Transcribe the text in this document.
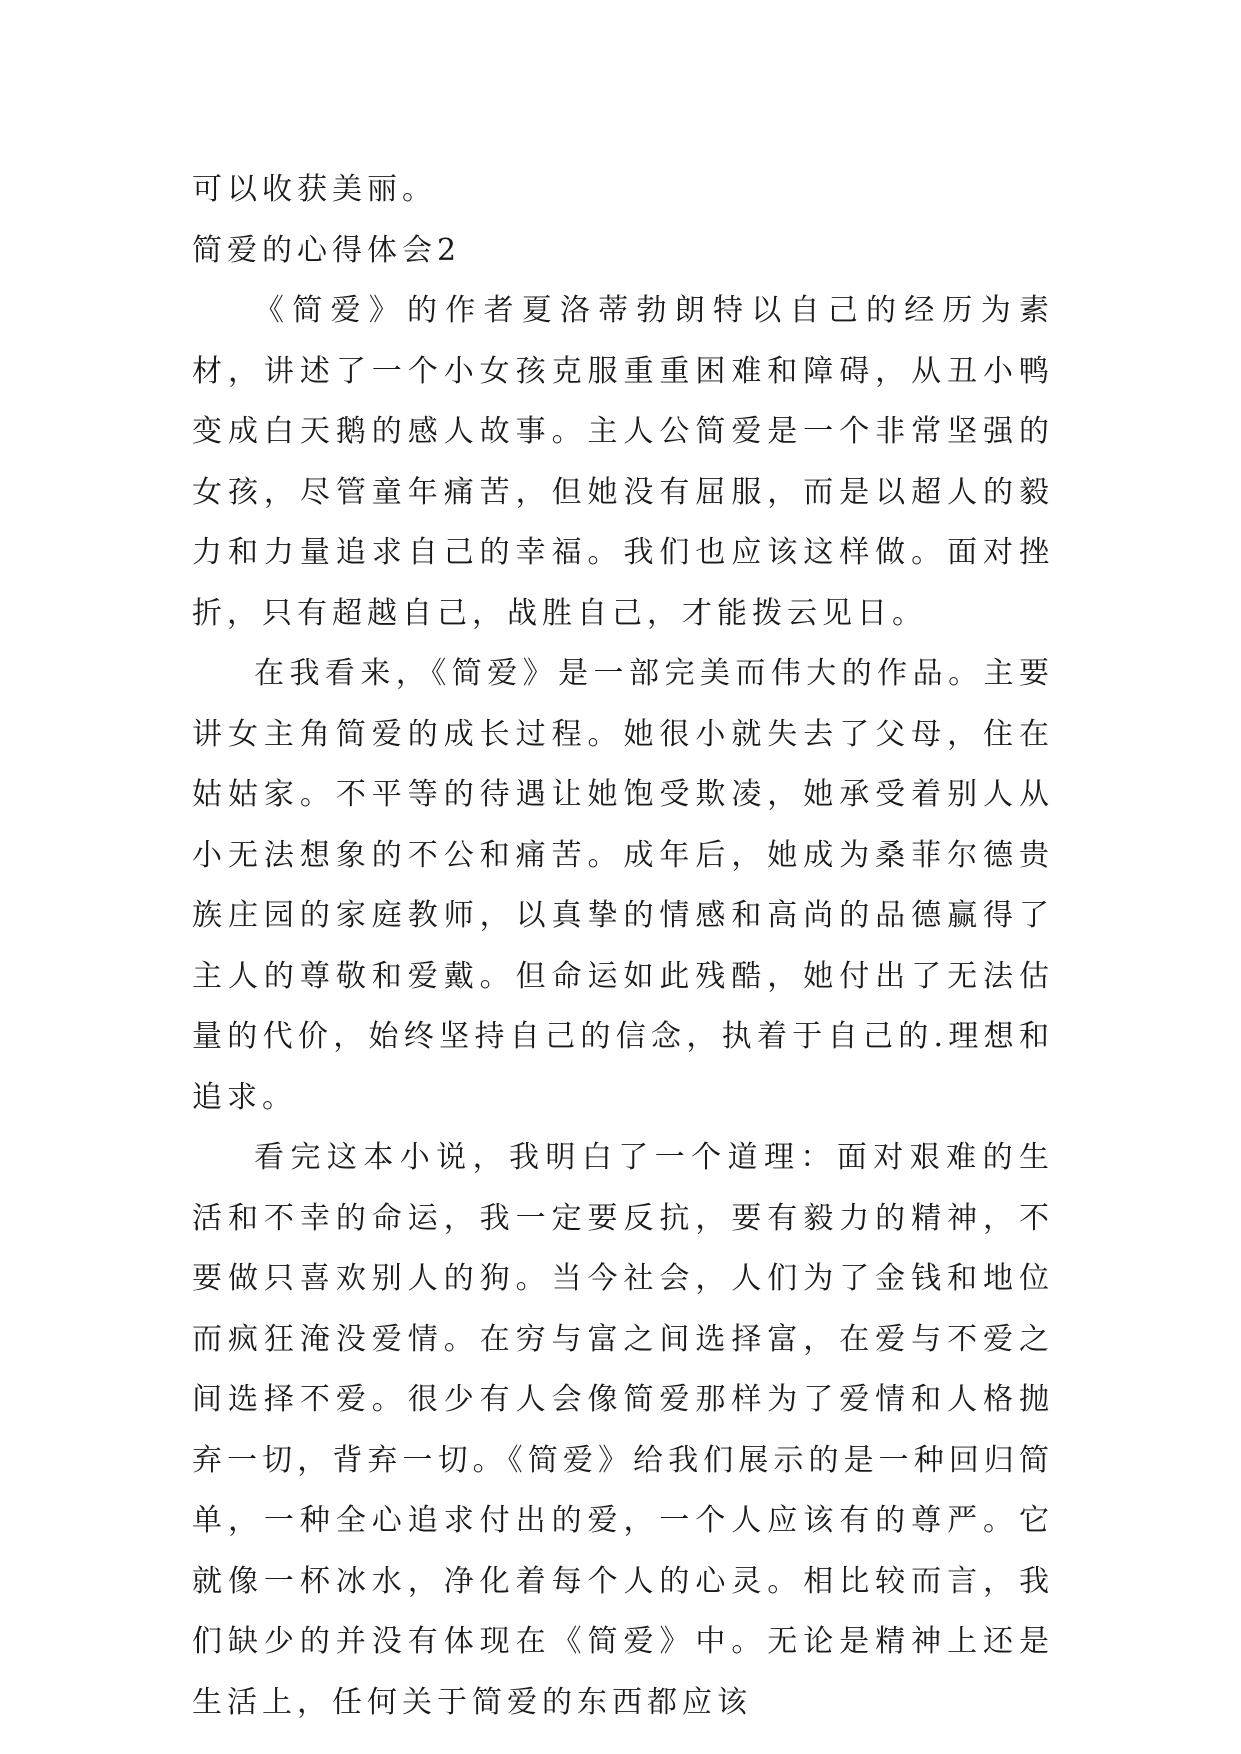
可以收获美丽。

简爱的心得体会2

《简爱》的作者夏洛蒂勃朗特以自己的经历为素材，讲述了一个小女孩克服重重困难和障碍，从丑小鸭变成白天鹅的感人故事。主人公简爱是一个非常坚强的女孩，尽管童年痛苦，但她没有屈服，而是以超人的毅力和力量追求自己的幸福。我们也应该这样做。面对挫折，只有超越自己，战胜自己，才能拨云见日。

在我看来，《简爱》是一部完美而伟大的作品。主要讲女主角简爱的成长过程。她很小就失去了父母，住在姑姑家。不平等的待遇让她饱受欺凌，她承受着别人从小无法想象的不公和痛苦。成年后，她成为桑菲尔德贵族庄园的家庭教师，以真挚的情感和高尚的品德赢得了主人的尊敬和爱戴。但命运如此残酷，她付出了无法估量的代价，始终坚持自己的信念，执着于自己的.理想和追求。

看完这本小说，我明白了一个道理：面对艰难的生活和不幸的命运，我一定要反抗，要有毅力的精神，不要做只喜欢别人的狗。当今社会，人们为了金钱和地位而疯狂淹没爱情。在穷与富之间选择富，在爱与不爱之间选择不爱。很少有人会像简爱那样为了爱情和人格抛弃一切，背弃一切。《简爱》给我们展示的是一种回归简单，一种全心追求付出的爱，一个人应该有的尊严。它就像一杯冰水，净化着每个人的心灵。相比较而言，我们缺少的并没有体现在《简爱》中。无论是精神上还是生活上，任何关于简爱的东西都应该
